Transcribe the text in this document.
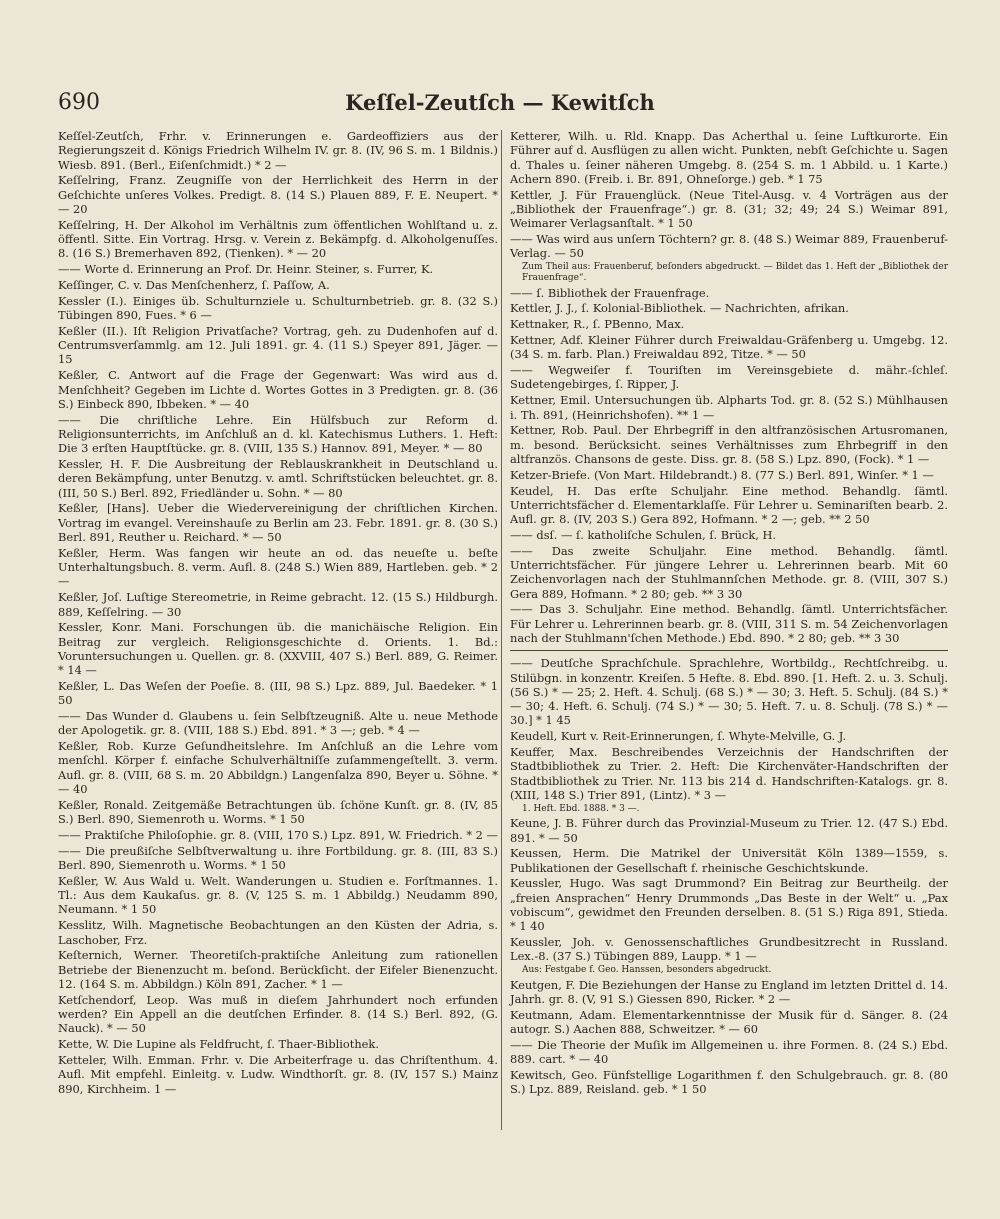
690	Keſſel-Zeutſch — Kewitſch

Keſſel-Zeutſch, Frhr. v. Erinnerungen e. Gardeoffiziers aus der Regierungszeit d. Königs Friedrich Wilhelm IV. gr. 8. (IV, 96 S. m. 1 Bildnis.) Wiesb. 891. (Berl., Eiſenſchmidt.) * 2 —

Keſſelring, Franz. Zeugniſſe von der Herrlichkeit des Herrn in der Geſchichte unſeres Volkes. Predigt. 8. (14 S.) Plauen 889, F. E. Neupert. * — 20

Keſſelring, H. Der Alkohol im Verhältnis zum öffentlichen Wohlſtand u. z. öffentl. Sitte. Ein Vortrag. Hrsg. v. Verein z. Bekämpfg. d. Alkoholgenuſſes. 8. (16 S.) Bremerhaven 892, (Tienken). * — 20

—— Worte d. Erinnerung an Prof. Dr. Heinr. Steiner, s. Furrer, K.

Keſſinger, C. v. Das Menſchenherz, ſ. Paſſow, A.

Kessler (I.). Einiges üb. Schulturnziele u. Schulturnbetrieb. gr. 8. (32 S.) Tübingen 890, Fues. * 6 —

Keßler (II.). Iſt Religion Privatſache? Vortrag, geh. zu Dudenhofen auf d. Centrumsverſammlg. am 12. Juli 1891. gr. 4. (11 S.) Speyer 891, Jäger. — 15

Keßler, C. Antwort auf die Frage der Gegenwart: Was wird aus d. Menſchheit? Gegeben im Lichte d. Wortes Gottes in 3 Predigten. gr. 8. (36 S.) Einbeck 890, Ibbeken. * — 40

—— Die chriſtliche Lehre. Ein Hülfsbuch zur Reform d. Religionsunterrichts, im Anſchluß an d. kl. Katechismus Luthers. 1. Heft: Die 3 erſten Hauptſtücke. gr. 8. (VIII, 135 S.) Hannov. 891, Meyer. * — 80

Kessler, H. F. Die Ausbreitung der Reblauskrankheit in Deutschland u. deren Bekämpfung, unter Benutzg. v. amtl. Schriftstücken beleuchtet. gr. 8. (III, 50 S.) Berl. 892, Friedländer u. Sohn. * — 80

Keßler, [Hans]. Ueber die Wiedervereinigung der chriſtlichen Kirchen. Vortrag im evangel. Vereinshauſe zu Berlin am 23. Febr. 1891. gr. 8. (30 S.) Berl. 891, Reuther u. Reichard. * — 50

Keßler, Herm. Was fangen wir heute an od. das neueſte u. beſte Unterhaltungsbuch. 8. verm. Aufl. 8. (248 S.) Wien 889, Hartleben. geb. * 2 —

Keßler, Joſ. Luſtige Stereometrie, in Reime gebracht. 12. (15 S.) Hildburgh. 889, Keſſelring. — 30

Kessler, Konr. Mani. Forschungen üb. die manichäische Religion. Ein Beitrag zur vergleich. Religionsgeschichte d. Orients. 1. Bd.: Voruntersuchungen u. Quellen. gr. 8. (XXVIII, 407 S.) Berl. 889, G. Reimer. * 14 —

Keßler, L. Das Weſen der Poeſie. 8. (III, 98 S.) Lpz. 889, Jul. Baedeker. * 1 50

—— Das Wunder d. Glaubens u. ſein Selbſtzeugniß. Alte u. neue Methode der Apologetik. gr. 8. (VIII, 188 S.) Ebd. 891. * 3 —; geb. * 4 —

Keßler, Rob. Kurze Geſundheitslehre. Im Anſchluß an die Lehre vom menſchl. Körper f. einfache Schulverhältniſſe zuſammengeſtellt. 3. verm. Aufl. gr. 8. (VIII, 68 S. m. 20 Abbildgn.) Langenſalza 890, Beyer u. Söhne. * — 40

Keßler, Ronald. Zeitgemäße Betrachtungen üb. ſchöne Kunſt. gr. 8. (IV, 85 S.) Berl. 890, Siemenroth u. Worms. * 1 50

—— Praktiſche Philoſophie. gr. 8. (VIII, 170 S.) Lpz. 891, W. Friedrich. * 2 —

—— Die preußiſche Selbſtverwaltung u. ihre Fortbildung. gr. 8. (III, 83 S.) Berl. 890, Siemenroth u. Worms. * 1 50

Keßler, W. Aus Wald u. Welt. Wanderungen u. Studien e. Forſtmannes. 1. Tl.: Aus dem Kaukaſus. gr. 8. (V, 125 S. m. 1 Abbildg.) Neudamm 890, Neumann. * 1 50

Kesslitz, Wilh. Magnetische Beobachtungen an den Küsten der Adria, s. Laschober, Frz.

Keſternich, Werner. Theoretiſch-praktiſche Anleitung zum rationellen Betriebe der Bienenzucht m. beſond. Berückſicht. der Eifeler Bienenzucht. 12. (164 S. m. Abbildgn.) Köln 891, Zacher. * 1 —

Ketſchendorf, Leop. Was muß in dieſem Jahrhundert noch erfunden werden? Ein Appell an die deutſchen Erfinder. 8. (14 S.) Berl. 892, (G. Nauck). * — 50

Kette, W. Die Lupine als Feldfrucht, ſ. Thaer-Bibliothek.

Ketteler, Wilh. Emman. Frhr. v. Die Arbeiterfrage u. das Chriſtenthum. 4. Aufl. Mit empfehl. Einleitg. v. Ludw. Windthorſt. gr. 8. (IV, 157 S.) Mainz 890, Kirchheim. 1 —

Ketterer, Wilh. u. Rld. Knapp. Das Acherthal u. ſeine Luftkurorte. Ein Führer auf d. Ausflügen zu allen wicht. Punkten, nebſt Geſchichte u. Sagen d. Thales u. ſeiner näheren Umgebg. 8. (254 S. m. 1 Abbild. u. 1 Karte.) Achern 890. (Freib. i. Br. 891, Ohneſorge.) geb. * 1 75

Kettler, J. Für Frauenglück. (Neue Titel-Ausg. v. 4 Vorträgen aus der „Bibliothek der Frauenfrage“.) gr. 8. (31; 32; 49; 24 S.) Weimar 891, Weimarer Verlagsanſtalt. * 1 50

—— Was wird aus unſern Töchtern? gr. 8. (48 S.) Weimar 889, Frauenberuf-Verlag. — 50

Zum Theil aus: Frauenberuf, beſonders abgedruckt. — Bildet das 1. Heft der „Bibliothek der Frauenfrage“.

—— ſ. Bibliothek der Frauenfrage.

Kettler, J. J., ſ. Kolonial-Bibliothek. — Nachrichten, afrikan.

Kettnaker, R., ſ. PBenno, Max.

Kettner, Adf. Kleiner Führer durch Freiwaldau-Gräfenberg u. Umgebg. 12. (34 S. m. farb. Plan.) Freiwaldau 892, Titze. * — 50

—— Wegweiſer f. Touriſten im Vereinsgebiete d. mähr.-ſchleſ. Sudetengebirges, ſ. Ripper, J.

Kettner, Emil. Untersuchungen üb. Alpharts Tod. gr. 8. (52 S.) Mühlhausen i. Th. 891, (Heinrichshofen). ** 1 —

Kettner, Rob. Paul. Der Ehrbegriff in den altfranzösischen Artusromanen, m. besond. Berücksicht. seines Verhältnisses zum Ehrbegriff in den altfranzös. Chansons de geste. Diss. gr. 8. (58 S.) Lpz. 890, (Fock). * 1 —

Ketzer-Briefe. (Von Mart. Hildebrandt.) 8. (77 S.) Berl. 891, Winſer. * 1 —

Keudel, H. Das erſte Schuljahr. Eine method. Behandlg. ſämtl. Unterrichtsfächer d. Elementarklaſſe. Für Lehrer u. Seminariſten bearb. 2. Aufl. gr. 8. (IV, 203 S.) Gera 892, Hofmann. * 2 —; geb. ** 2 50

—— dsſ. — ſ. katholiſche Schulen, ſ. Brück, H.

—— Das zweite Schuljahr. Eine method. Behandlg. ſämtl. Unterrichtsfächer. Für jüngere Lehrer u. Lehrerinnen bearb. Mit 60 Zeichenvorlagen nach der Stuhlmannſchen Methode. gr. 8. (VIII, 307 S.) Gera 889, Hofmann. * 2 80; geb. ** 3 30

—— Das 3. Schuljahr. Eine method. Behandlg. ſämtl. Unterrichtsfächer. Für Lehrer u. Lehrerinnen bearb. gr. 8. (VIII, 311 S. m. 54 Zeichenvorlagen nach der Stuhlmann'ſchen Methode.) Ebd. 890. * 2 80; geb. ** 3 30

—— Deutſche Sprachſchule. Sprachlehre, Wortbildg., Rechtſchreibg. u. Stilübgn. in konzentr. Kreiſen. 5 Hefte. 8. Ebd. 890. [1. Heft. 2. u. 3. Schulj. (56 S.) * — 25; 2. Heft. 4. Schulj. (68 S.) * — 30; 3. Heft. 5. Schulj. (84 S.) * — 30; 4. Heft. 6. Schulj. (74 S.) * — 30; 5. Heft. 7. u. 8. Schulj. (78 S.) * — 30.] * 1 45

Keudell, Kurt v. Reit-Erinnerungen, ſ. Whyte-Melville, G. J.

Keuffer, Max. Beschreibendes Verzeichnis der Handschriften der Stadtbibliothek zu Trier. 2. Heft: Die Kirchenväter-Handschriften der Stadtbibliothek zu Trier. Nr. 113 bis 214 d. Handschriften-Katalogs. gr. 8. (XIII, 148 S.) Trier 891, (Lintz). * 3 —

1. Heft. Ebd. 1888. * 3 —.

Keune, J. B. Führer durch das Provinzial-Museum zu Trier. 12. (47 S.) Ebd. 891. * — 50

Keussen, Herm. Die Matrikel der Universität Köln 1389—1559, s. Publikationen der Gesellschaft f. rheinische Geschichtskunde.

Keussler, Hugo. Was sagt Drummond? Ein Beitrag zur Beurtheilg. der „freien Ansprachen“ Henry Drummonds „Das Beste in der Welt“ u. „Pax vobiscum“, gewidmet den Freunden derselben. 8. (51 S.) Riga 891, Stieda. * 1 40

Keussler, Joh. v. Genossenschaftliches Grundbesitzrecht in Russland. Lex.-8. (37 S.) Tübingen 889, Laupp. * 1 —

Aus: Festgabe f. Geo. Hanssen, besonders abgedruckt.

Keutgen, F. Die Beziehungen der Hanse zu England im letzten Drittel d. 14. Jahrh. gr. 8. (V, 91 S.) Giessen 890, Ricker. * 2 —

Keutmann, Adam. Elementarkenntnisse der Musik für d. Sänger. 8. (24 autogr. S.) Aachen 888, Schweitzer. * — 60

—— Die Theorie der Muſik im Allgemeinen u. ihre Formen. 8. (24 S.) Ebd. 889. cart. * — 40

Kewitsch, Geo. Fünfstellige Logarithmen f. den Schulgebrauch. gr. 8. (80 S.) Lpz. 889, Reisland. geb. * 1 50
